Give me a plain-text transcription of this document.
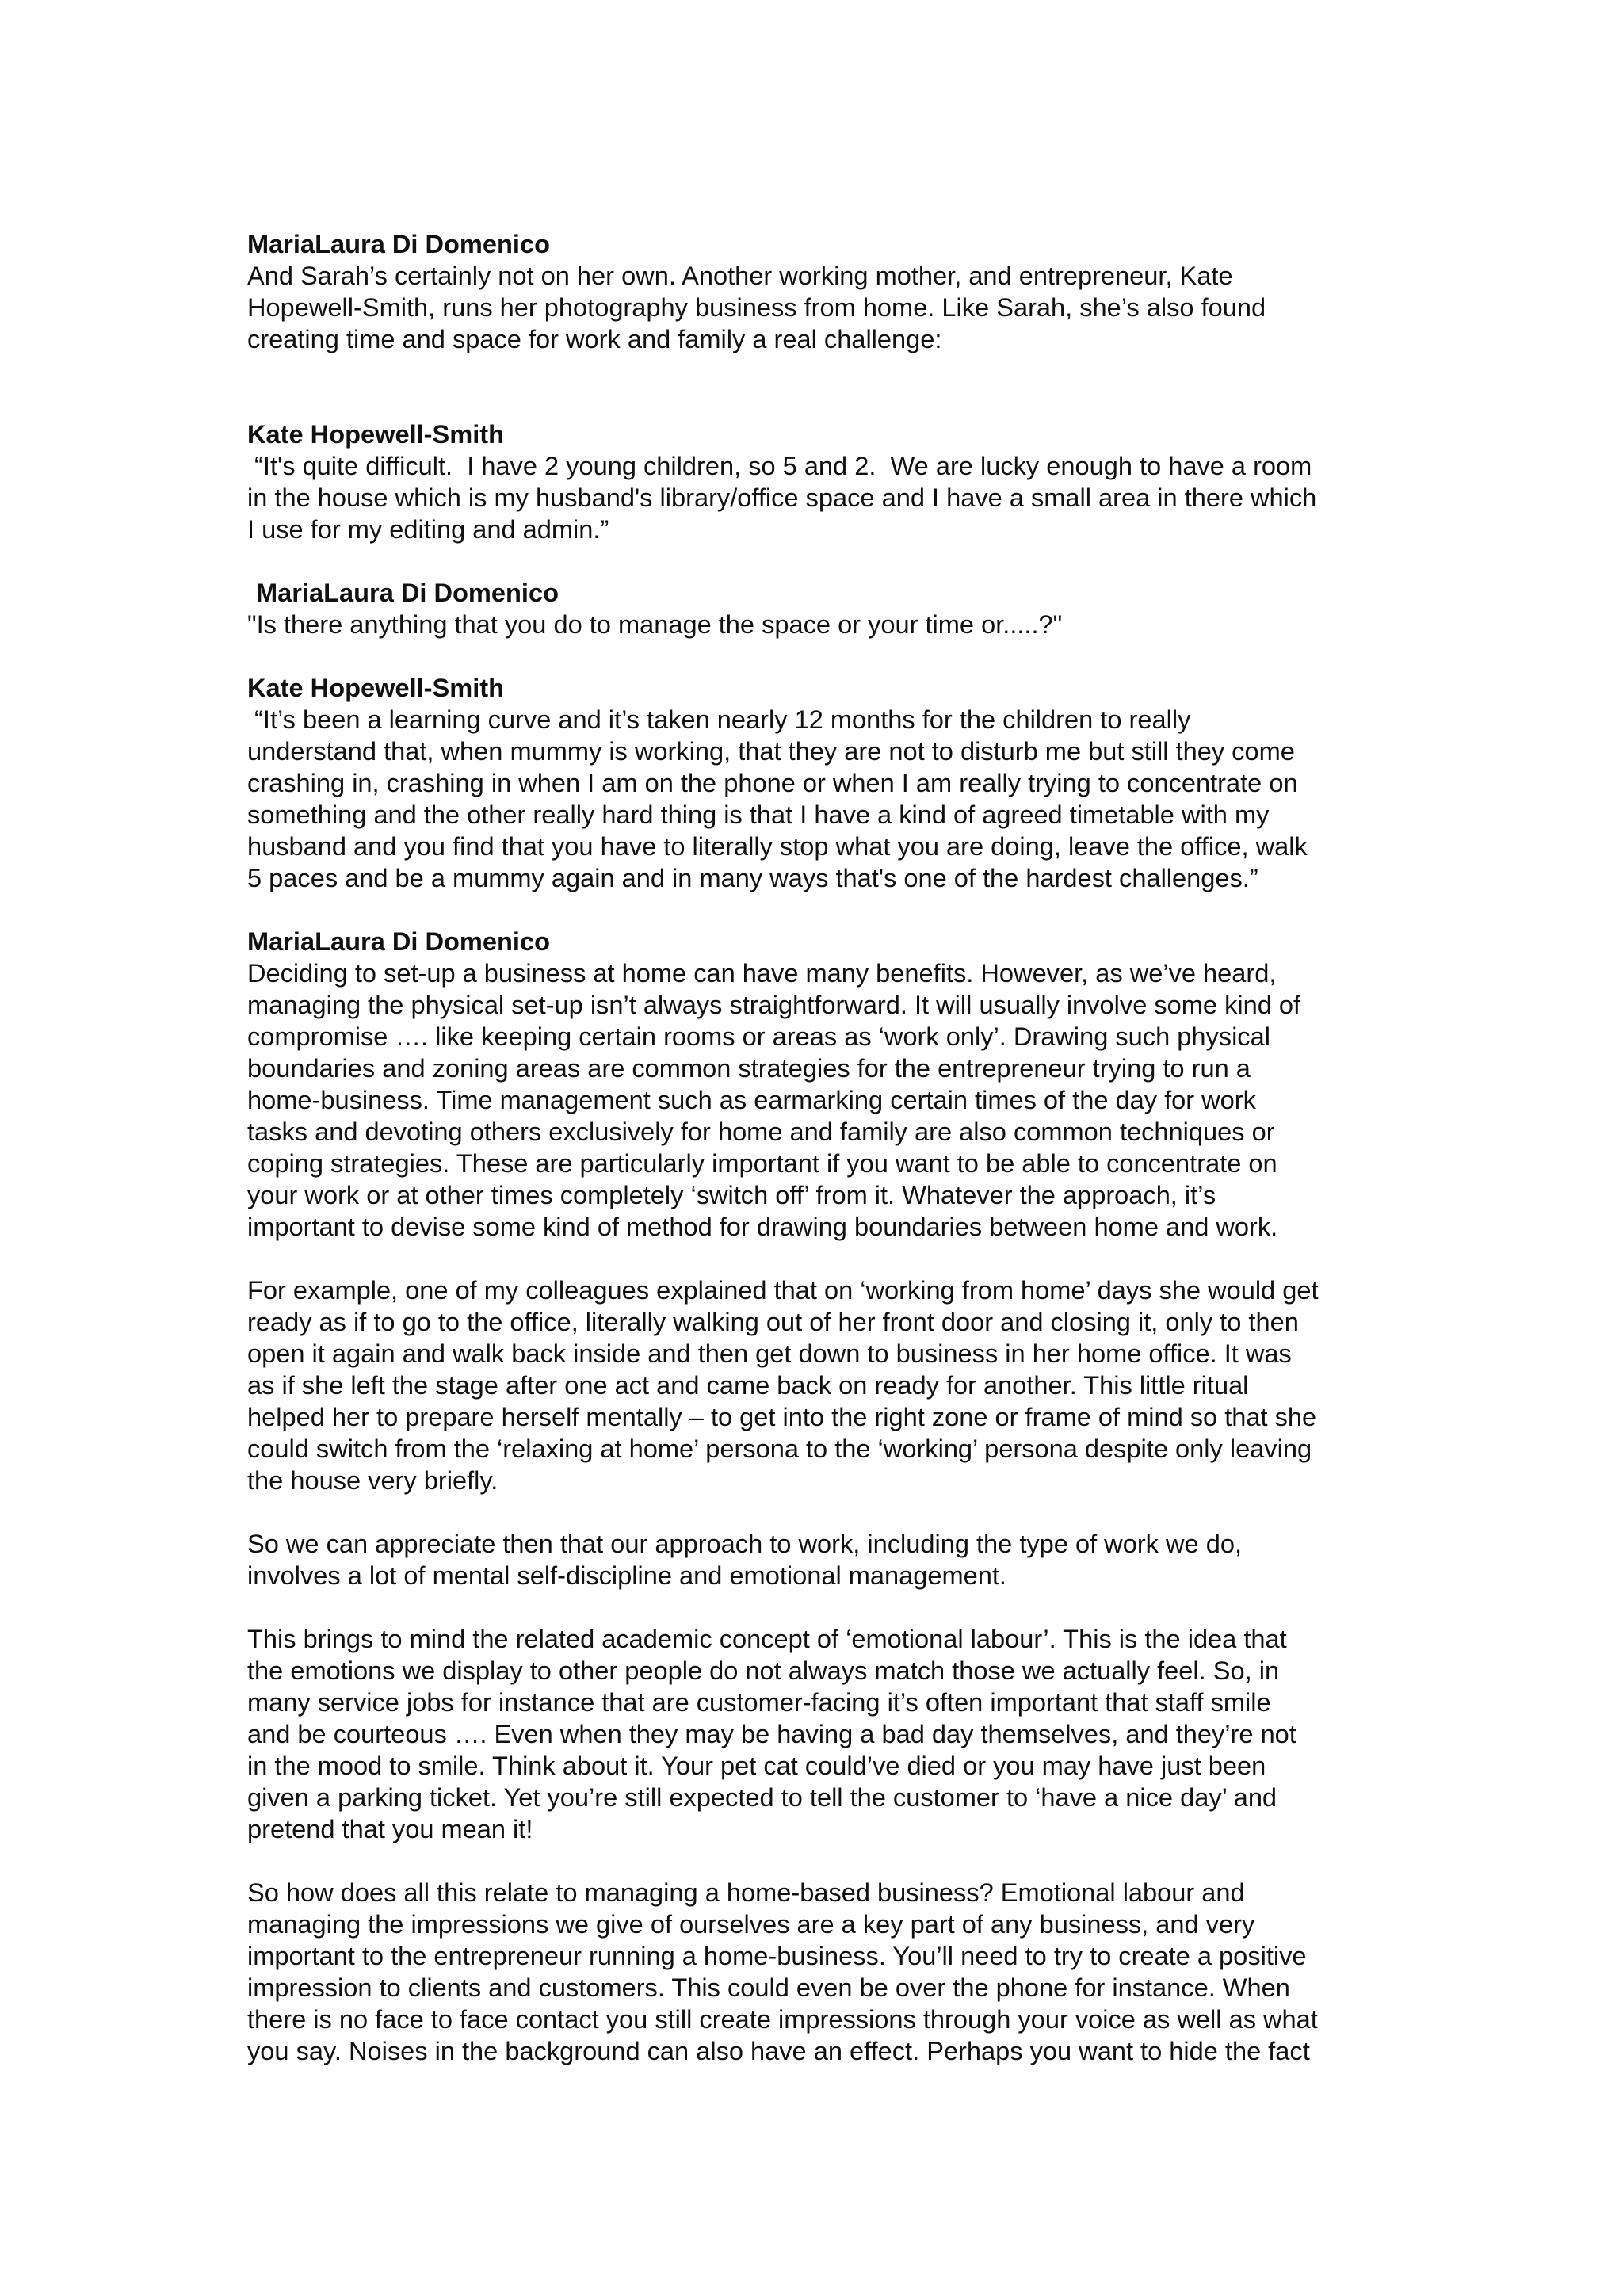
MariaLaura Di Domenico

And Sarah’s certainly not on her own. Another working mother, and entrepreneur, Kate
Hopewell-Smith, runs her photography business from home. Like Sarah, she’s also found
creating time and space for work and family a real challenge:

Kate Hopewell-Smith

“It's quite difficult.  I have 2 young children, so 5 and 2.  We are lucky enough to have a room
in the house which is my husband's library/office space and I have a small area in there which
I use for my editing and admin.”

MariaLaura Di Domenico

"Is there anything that you do to manage the space or your time or.....?"

Kate Hopewell-Smith

“It’s been a learning curve and it’s taken nearly 12 months for the children to really
understand that, when mummy is working, that they are not to disturb me but still they come
crashing in, crashing in when I am on the phone or when I am really trying to concentrate on
something and the other really hard thing is that I have a kind of agreed timetable with my
husband and you find that you have to literally stop what you are doing, leave the office, walk
5 paces and be a mummy again and in many ways that's one of the hardest challenges.”

MariaLaura Di Domenico

Deciding to set-up a business at home can have many benefits. However, as we’ve heard,
managing the physical set-up isn’t always straightforward. It will usually involve some kind of
compromise …. like keeping certain rooms or areas as ‘work only’. Drawing such physical
boundaries and zoning areas are common strategies for the entrepreneur trying to run a
home-business. Time management such as earmarking certain times of the day for work
tasks and devoting others exclusively for home and family are also common techniques or
coping strategies. These are particularly important if you want to be able to concentrate on
your work or at other times completely ‘switch off’ from it. Whatever the approach, it’s
important to devise some kind of method for drawing boundaries between home and work.

For example, one of my colleagues explained that on ‘working from home’ days she would get
ready as if to go to the office, literally walking out of her front door and closing it, only to then
open it again and walk back inside and then get down to business in her home office. It was
as if she left the stage after one act and came back on ready for another. This little ritual
helped her to prepare herself mentally – to get into the right zone or frame of mind so that she
could switch from the ‘relaxing at home’ persona to the ‘working’ persona despite only leaving
the house very briefly.

So we can appreciate then that our approach to work, including the type of work we do,
involves a lot of mental self-discipline and emotional management.

This brings to mind the related academic concept of ‘emotional labour’. This is the idea that
the emotions we display to other people do not always match those we actually feel. So, in
many service jobs for instance that are customer-facing it’s often important that staff smile
and be courteous …. Even when they may be having a bad day themselves, and they’re not
in the mood to smile. Think about it. Your pet cat could’ve died or you may have just been
given a parking ticket. Yet you’re still expected to tell the customer to ‘have a nice day’ and
pretend that you mean it!

So how does all this relate to managing a home-based business? Emotional labour and
managing the impressions we give of ourselves are a key part of any business, and very
important to the entrepreneur running a home-business. You’ll need to try to create a positive
impression to clients and customers. This could even be over the phone for instance. When
there is no face to face contact you still create impressions through your voice as well as what
you say. Noises in the background can also have an effect. Perhaps you want to hide the fact
